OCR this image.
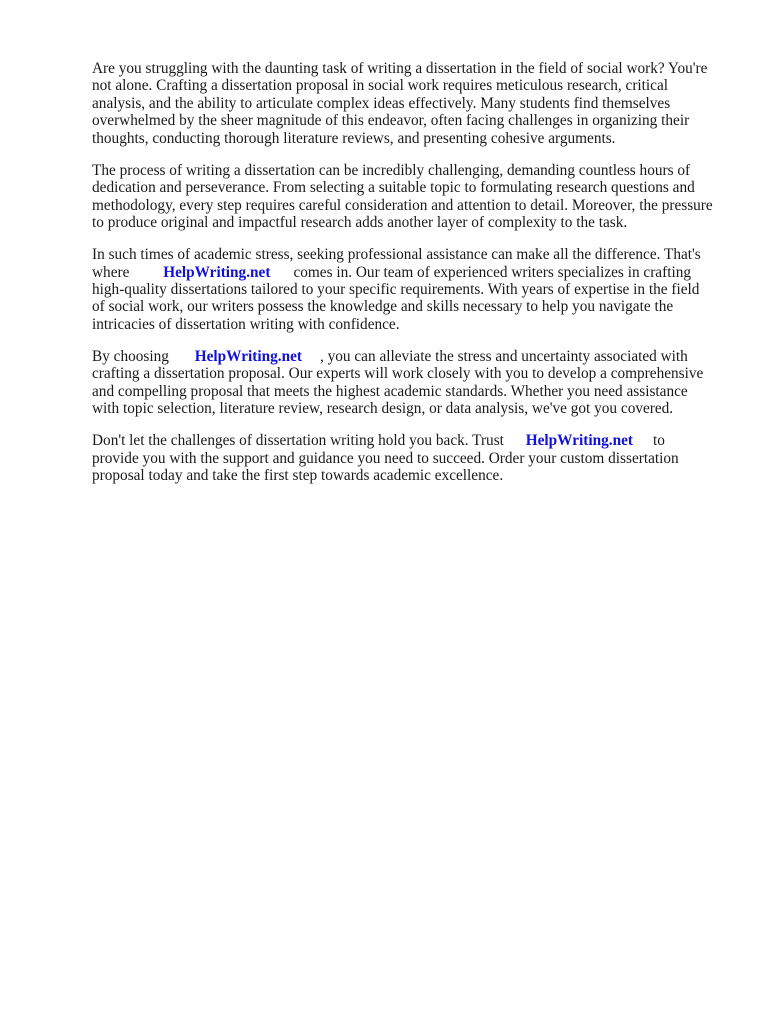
Are you struggling with the daunting task of writing a dissertation in the field of social work? You're
not alone. Crafting a dissertation proposal in social work requires meticulous research, critical
analysis, and the ability to articulate complex ideas effectively. Many students find themselves
overwhelmed by the sheer magnitude of this endeavor, often facing challenges in organizing their
thoughts, conducting thorough literature reviews, and presenting cohesive arguments.
The process of writing a dissertation can be incredibly challenging, demanding countless hours of
dedication and perseverance. From selecting a suitable topic to formulating research questions and
methodology, every step requires careful consideration and attention to detail. Moreover, the pressure
to produce original and impactful research adds another layer of complexity to the task.
In such times of academic stress, seeking professional assistance can make all the difference. That's
where HelpWriting.net comes in. Our team of experienced writers specializes in crafting
high-quality dissertations tailored to your specific requirements. With years of expertise in the field
of social work, our writers possess the knowledge and skills necessary to help you navigate the
intricacies of dissertation writing with confidence.
By choosing HelpWriting.net , you can alleviate the stress and uncertainty associated with
crafting a dissertation proposal. Our experts will work closely with you to develop a comprehensive
and compelling proposal that meets the highest academic standards. Whether you need assistance
with topic selection, literature review, research design, or data analysis, we've got you covered.
Don't let the challenges of dissertation writing hold you back. Trust HelpWriting.net to
provide you with the support and guidance you need to succeed. Order your custom dissertation
proposal today and take the first step towards academic excellence.
